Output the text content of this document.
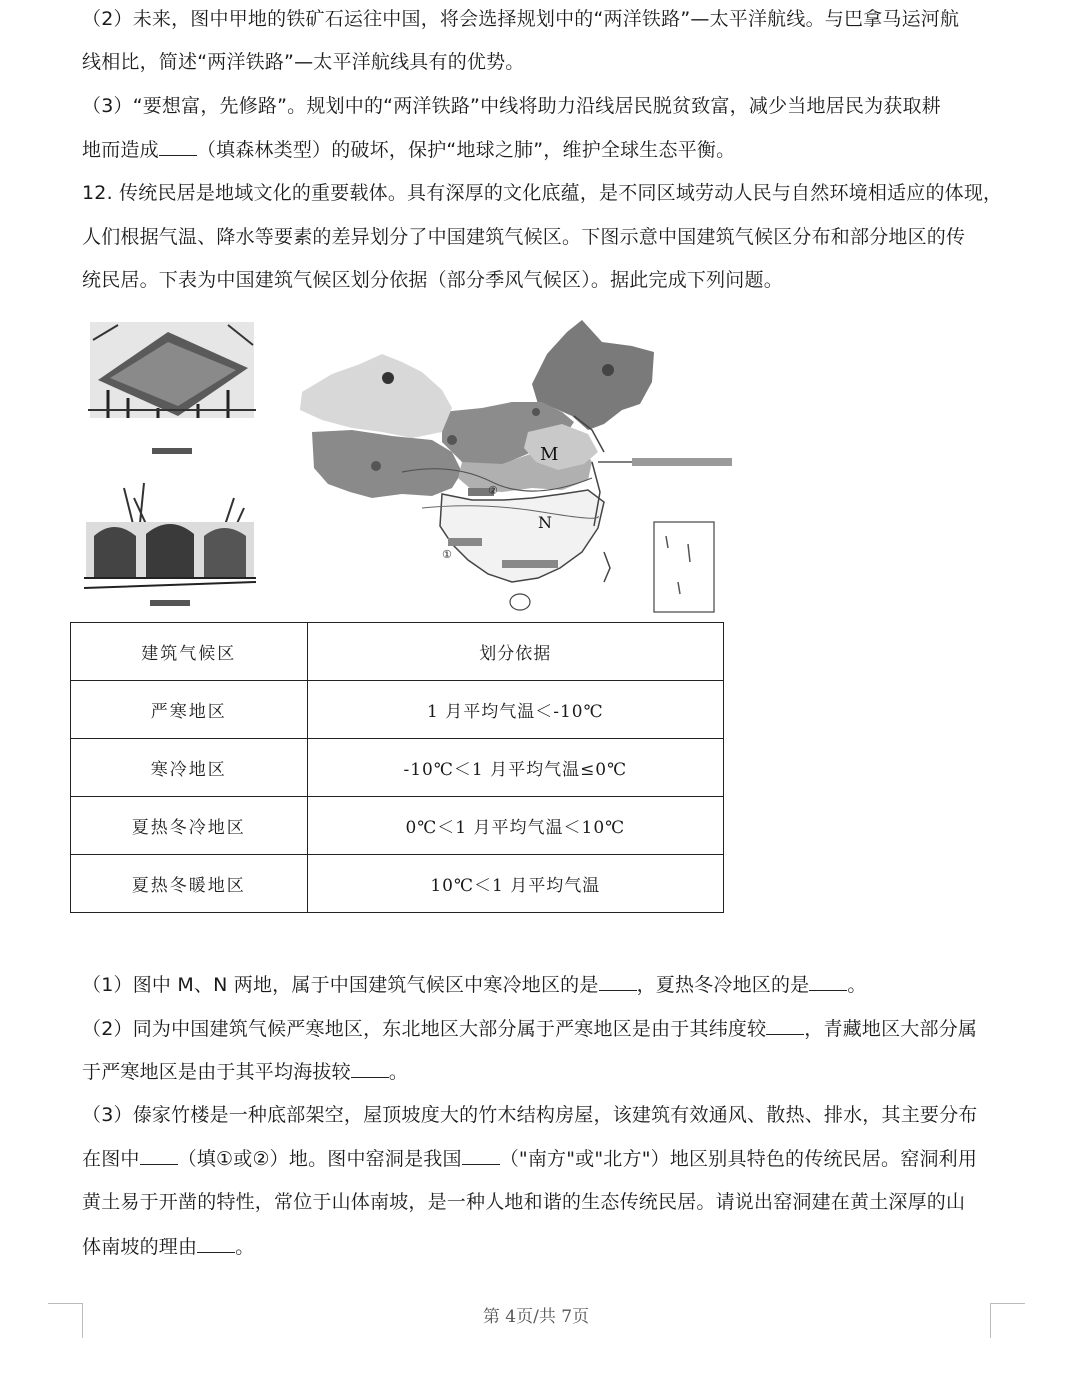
（2）未来，图中甲地的铁矿石运往中国，将会选择规划中的“两洋铁路”—太平洋航线。与巴拿马运河航
线相比，简述“两洋铁路”—太平洋航线具有的优势。
（3）“要想富，先修路”。规划中的“两洋铁路”中线将助力沿线居民脱贫致富，减少当地居民为获取耕
地而造成 （填森林类型）的破坏，保护“地球之肺”，维护全球生态平衡。
12. 传统民居是地域文化的重要载体。具有深厚的文化底蕴，是不同区域劳动人民与自然环境相适应的体现，
人们根据气温、降水等要素的差异划分了中国建筑气候区。下图示意中国建筑气候区分布和部分地区的传
统民居。下表为中国建筑气候区划分依据（部分季风气候区）。据此完成下列问题。
M
N
①
②
建筑气候区	划分依据
严寒地区	1 月平均气温＜-10℃
寒冷地区	-10℃＜1 月平均气温≤0℃
夏热冬冷地区	0℃＜1 月平均气温＜10℃
夏热冬暖地区	10℃＜1 月平均气温
（1）图中 M、N 两地，属于中国建筑气候区中寒冷地区的是 ，夏热冬冷地区的是 。
（2）同为中国建筑气候严寒地区，东北地区大部分属于严寒地区是由于其纬度较 ，青藏地区大部分属
于严寒地区是由于其平均海拔较 。
（3）傣家竹楼是一种底部架空，屋顶坡度大的竹木结构房屋，该建筑有效通风、散热、排水，其主要分布
在图中 （填①或②）地。图中窑洞是我国 （"南方"或"北方"）地区别具特色的传统民居。窑洞利用
黄土易于开凿的特性，常位于山体南坡，是一种人地和谐的生态传统民居。请说出窑洞建在黄土深厚的山
体南坡的理由 。
第 4页/共 7页
